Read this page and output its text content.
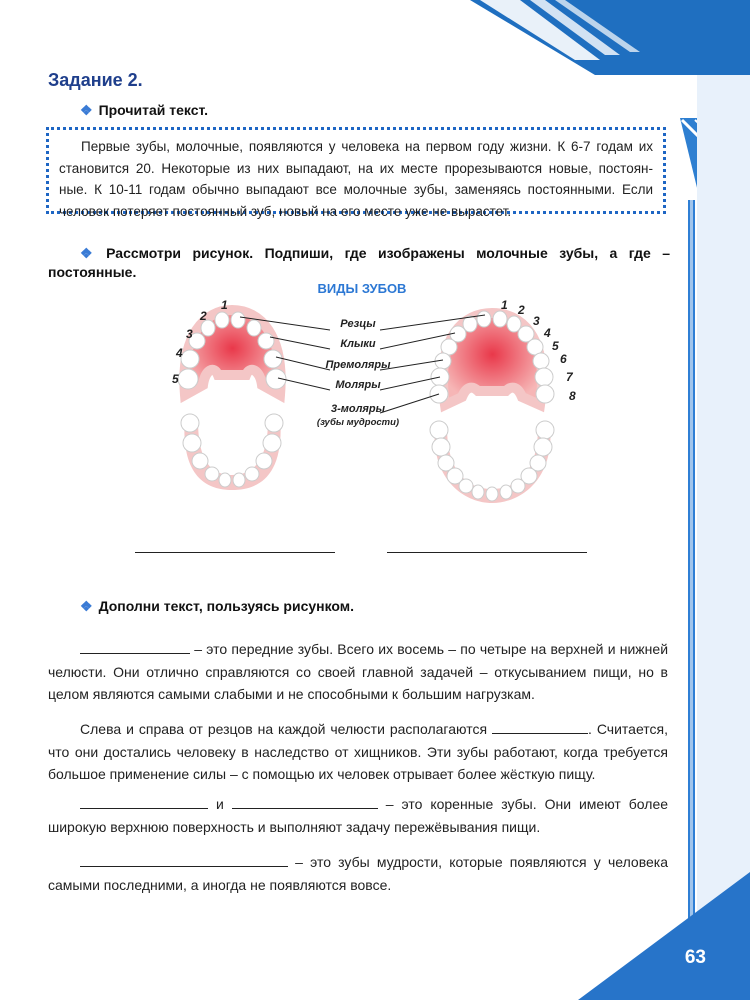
Задание 2.
❖ Прочитай текст.
Первые зубы, молочные, появляются у человека на первом году жизни. К 6-7 годам их
становится 20. Некоторые из них выпадают, на их месте прорезываются новые, постоян-
ные. К 10-11 годам обычно выпадают все молочные зубы, заменяясь постоянными. Если
человек потеряет постоянный зуб, новый на его месте уже не вырастет.
❖ Рассмотри рисунок. Подпиши, где изображены молочные зубы, а где –
постоянные.
ВИДЫ ЗУБОВ
Резцы
Клыки
Премоляры
Моляры
3-моляры
(зубы мудрости)
1
2
3
4
5
1 2
3
4
5
6
7
8
❖ Дополни текст, пользуясь рисунком.
– это передние зубы. Всего их восемь – по четыре на верхней и нижней
челюсти. Они отлично справляются со своей главной задачей – откусыванием пищи, но в
целом являются самыми слабыми и не способными к большим нагрузкам.
Слева и справа от резцов на каждой челюсти располагаются	. Считается,
что они достались человеку в наследство от хищников. Эти зубы работают, когда требуется
большое применение силы – с помощью их человек отрывает более жёсткую пищу.
и	– это коренные зубы. Они имеют более
широкую верхнюю поверхность и выполняют задачу пережёвывания пищи.
– это зубы мудрости, которые появляются у человека
самыми последними, а иногда не появляются вовсе.
63
